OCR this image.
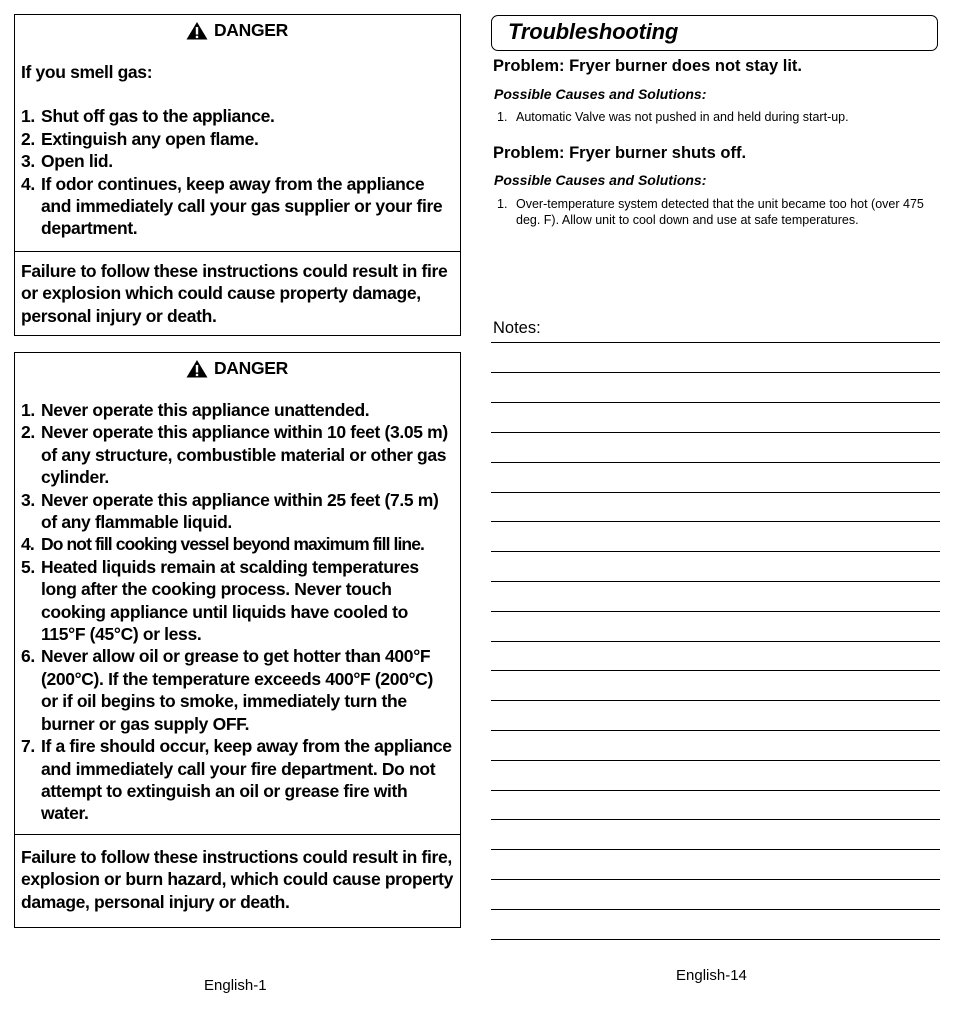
DANGER

If you smell gas:

1. Shut off gas to the appliance.
2. Extinguish any open flame.
3. Open lid.
4. If odor continues, keep away from the appliance and immediately call your gas supplier or your fire department.
Failure to follow these instructions could result in fire or explosion which could cause property damage, personal injury or death.
DANGER
1. Never operate this appliance unattended.
2. Never operate this appliance within 10 feet (3.05 m) of any structure, combustible material or other gas cylinder.
3. Never operate this appliance within 25 feet (7.5 m) of any flammable liquid.
4. Do not fill cooking vessel beyond maximum fill line.
5. Heated liquids remain at scalding temperatures long after the cooking process. Never touch cooking appliance until liquids have cooled to 115°F (45°C) or less.
6. Never allow oil or grease to get hotter than 400°F (200°C). If the temperature exceeds 400°F (200°C) or if oil begins to smoke, immediately turn the burner or gas supply OFF.
7. If a fire should occur, keep away from the appliance and immediately call your fire department. Do not attempt to extinguish an oil or grease fire with water.
Failure to follow these instructions could result in fire, explosion or burn hazard, which could cause property damage, personal injury or death.
Troubleshooting
Problem: Fryer burner does not stay lit.
Possible Causes and Solutions:
1. Automatic Valve was not pushed in and held during start-up.
Problem: Fryer burner shuts off.
Possible Causes and Solutions:
1. Over-temperature system detected that the unit became too hot (over 475 deg. F). Allow unit to cool down and use at safe temperatures.
Notes:
English-1
English-14
